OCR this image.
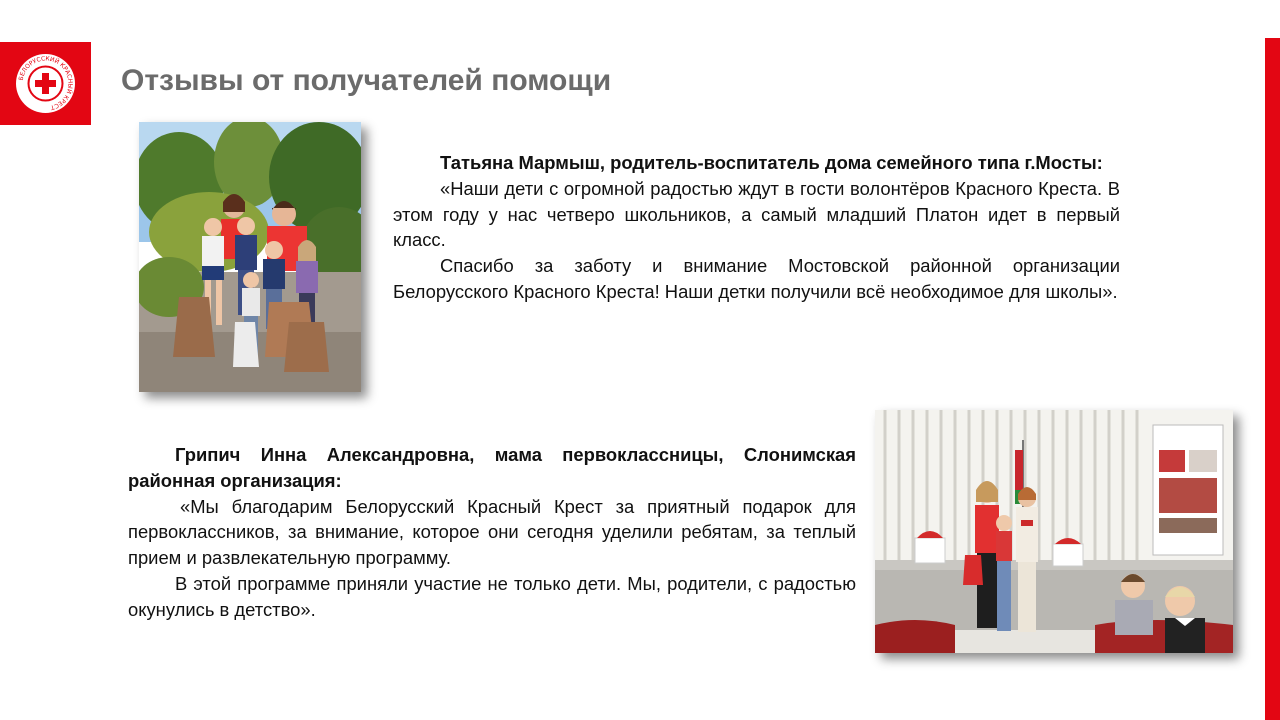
БЕЛОРУССКИЙ КРАСНЫЙ КРЕСТ
Отзывы от получателей помощи

Татьяна Мармыш, родитель-воспитатель дома семейного типа г.Мосты:

«Наши дети с огромной радостью ждут в гости волонтёров Красного Креста. В этом году у нас четверо школьников, а самый младший Платон идет в первый класс.

Спасибо за заботу и внимание Мостовской районной организации Белорусского Красного Креста! Наши детки получили всё необходимое для школы».

Грипич Инна Александровна, мама первоклассницы, Слонимская районная организация:

«Мы благодарим Белорусский Красный Крест за приятный подарок для первоклассников, за внимание, которое они сегодня уделили ребятам, за теплый прием и развлекательную программу.

В этой программе приняли участие не только дети. Мы, родители, с радостью окунулись в детство».
